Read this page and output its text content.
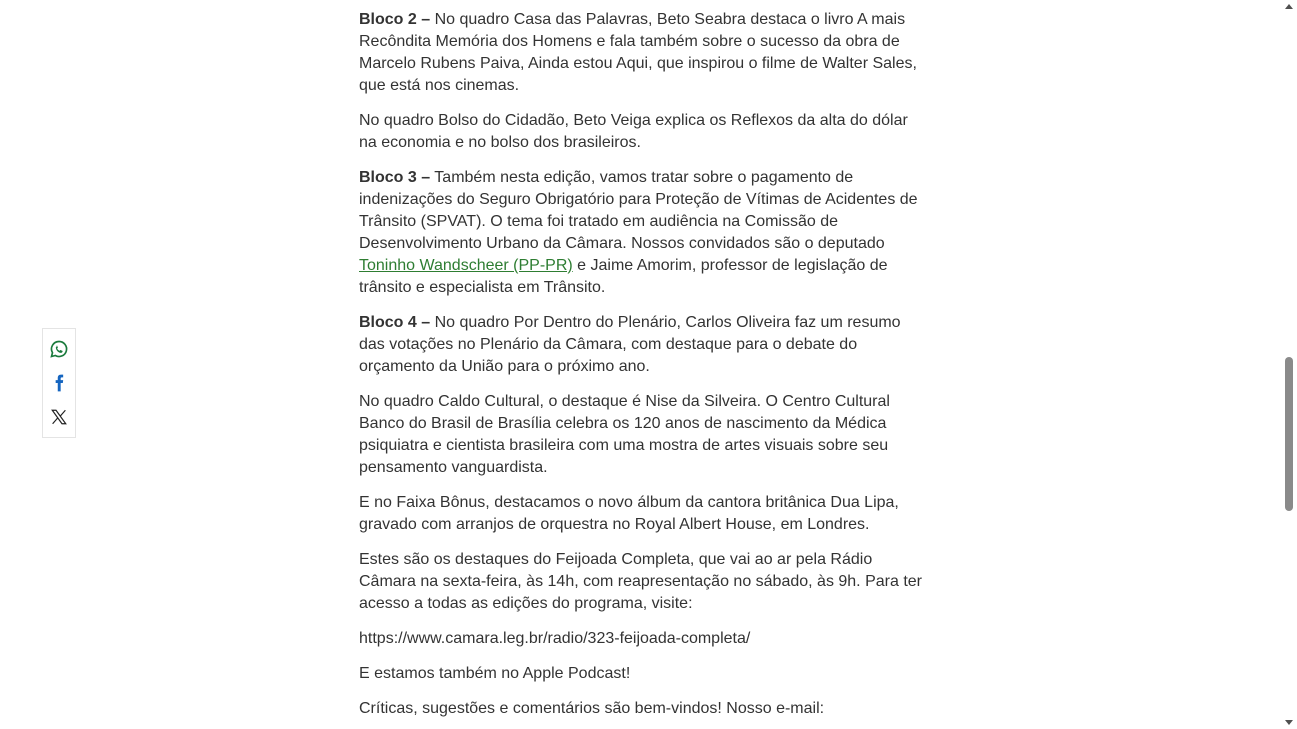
Bloco 2 – No quadro Casa das Palavras, Beto Seabra destaca o livro A mais Recôndita Memória dos Homens e fala também sobre o sucesso da obra de Marcelo Rubens Paiva, Ainda estou Aqui, que inspirou o filme de Walter Sales, que está nos cinemas.

No quadro Bolso do Cidadão, Beto Veiga explica os Reflexos da alta do dólar na economia e no bolso dos brasileiros.

Bloco 3 – Também nesta edição, vamos tratar sobre o pagamento de indenizações do Seguro Obrigatório para Proteção de Vítimas de Acidentes de Trânsito (SPVAT). O tema foi tratado em audiência na Comissão de Desenvolvimento Urbano da Câmara. Nossos convidados são o deputado Toninho Wandscheer (PP-PR) e Jaime Amorim, professor de legislação de trânsito e especialista em Trânsito.

Bloco 4 – No quadro Por Dentro do Plenário, Carlos Oliveira faz um resumo das votações no Plenário da Câmara, com destaque para o debate do orçamento da União para o próximo ano.

No quadro Caldo Cultural, o destaque é Nise da Silveira. O Centro Cultural Banco do Brasil de Brasília celebra os 120 anos de nascimento da Médica psiquiatra e cientista brasileira com uma mostra de artes visuais sobre seu pensamento vanguardista.

E no Faixa Bônus, destacamos o novo álbum da cantora britânica Dua Lipa, gravado com arranjos de orquestra no Royal Albert House, em Londres.

Estes são os destaques do Feijoada Completa, que vai ao ar pela Rádio Câmara na sexta-feira, às 14h, com reapresentação no sábado, às 9h. Para ter acesso a todas as edições do programa, visite:

https://www.camara.leg.br/radio/323-feijoada-completa/

E estamos também no Apple Podcast!

Críticas, sugestões e comentários são bem-vindos! Nosso e-mail:
